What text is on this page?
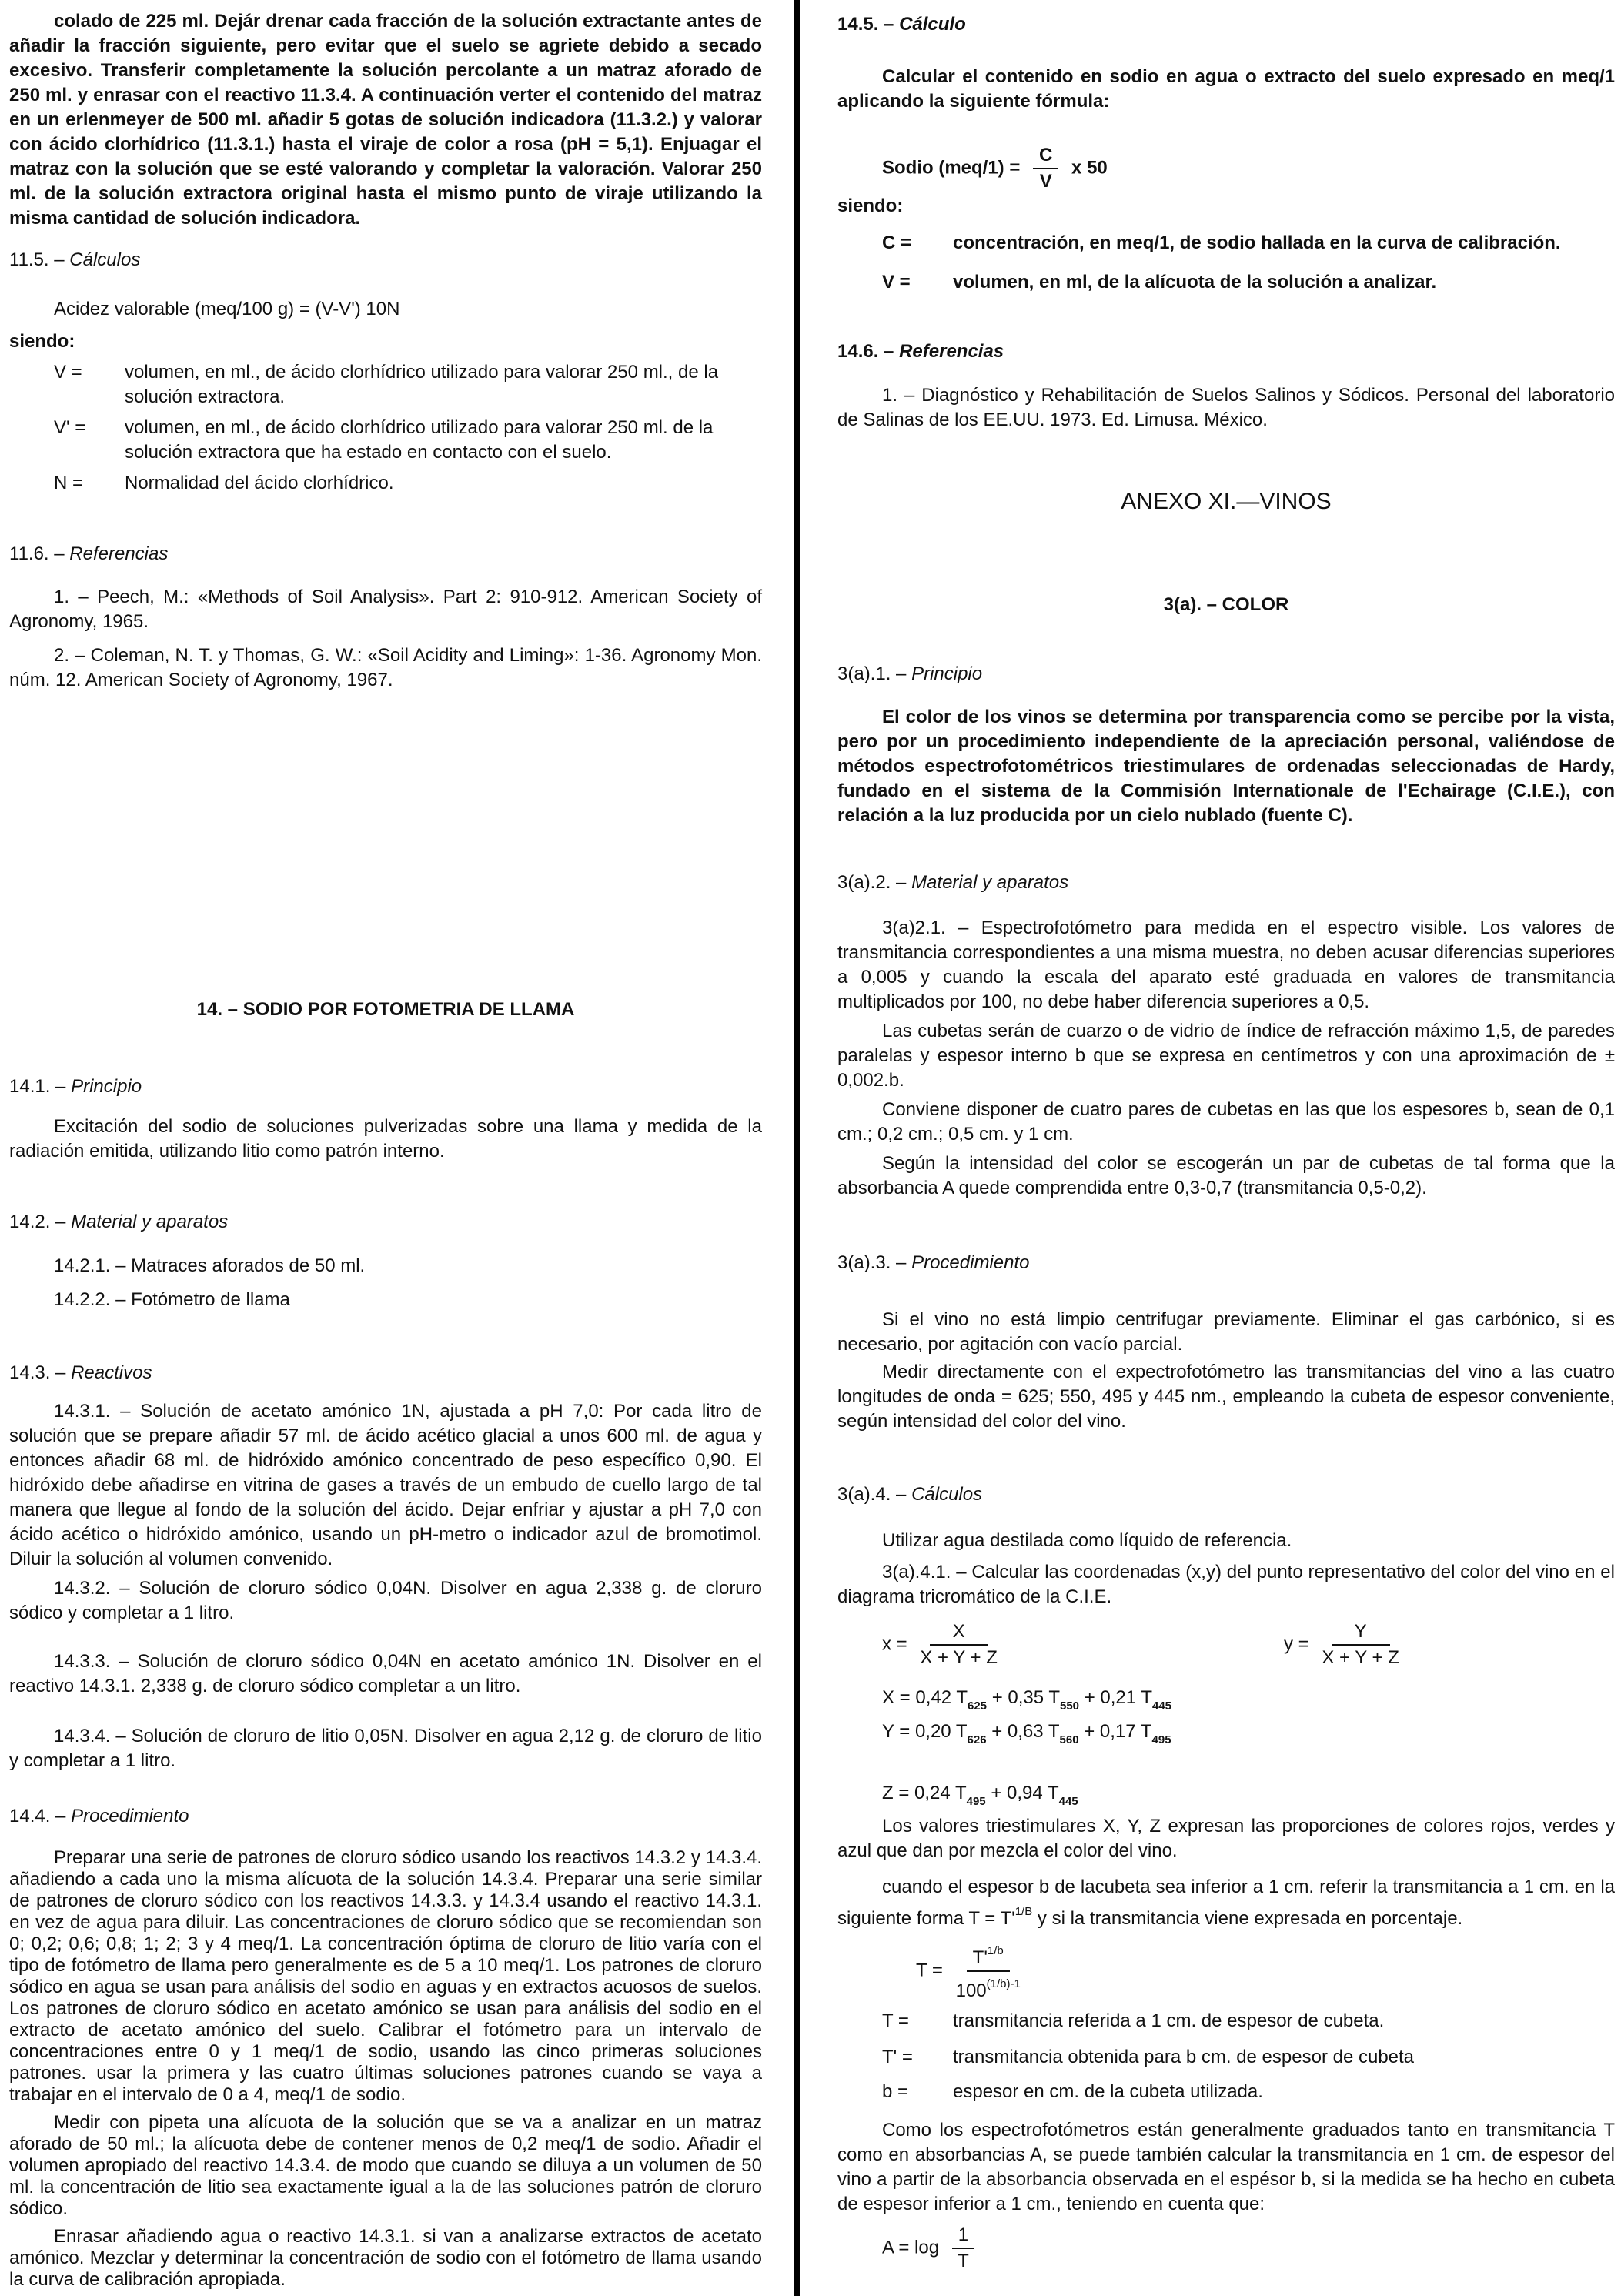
colado de 225 ml. Dejár drenar cada fracción de la solución extractante antes de añadir la fracción siguiente, pero evitar que el suelo se agriete debido a secado excesivo. Transferir completamente la solución percolante a un matraz aforado de 250 ml. y enrasar con el reactivo 11.3.4. A continuación verter el contenido del matraz en un erlenmeyer de 500 ml. añadir 5 gotas de solución indicadora (11.3.2.) y valorar con ácido clorhídrico (11.3.1.) hasta el viraje de color a rosa (pH = 5,1). Enjuagar el matraz con la solución que se esté valorando y completar la valoración. Valorar 250 ml. de la solución extractora original hasta el mismo punto de viraje utilizando la misma cantidad de solución indicadora.
11.5. – Cálculos
Acidez valorable (meq/100 g) = (V-V') 10N
siendo:
V =	volumen, en ml., de ácido clorhídrico utilizado para valorar 250 ml., de la solución extractora.
V' =	volumen, en ml., de ácido clorhídrico utilizado para valorar 250 ml. de la solución extractora que ha estado en contacto con el suelo.
N =	Normalidad del ácido clorhídrico.
11.6. – Referencias
1. – Peech, M.: «Methods of Soil Analysis». Part 2: 910-912. American Society of Agronomy, 1965.
2. – Coleman, N. T. y Thomas, G. W.: «Soil Acidity and Liming»: 1-36. Agronomy Mon. núm. 12. American Society of Agronomy, 1967.
14. – SODIO POR FOTOMETRIA DE LLAMA
14.1. – Principio
Excitación del sodio de soluciones pulverizadas sobre una llama y medida de la radiación emitida, utilizando litio como patrón interno.
14.2. – Material y aparatos
14.2.1. – Matraces aforados de 50 ml.
14.2.2. – Fotómetro de llama
14.3. – Reactivos
14.3.1. – Solución de acetato amónico 1N, ajustada a pH 7,0: Por cada litro de solución que se prepare añadir 57 ml. de ácido acético glacial a unos 600 ml. de agua y entonces añadir 68 ml. de hidróxido amónico concentrado de peso específico 0,90. El hidróxido debe añadirse en vitrina de gases a través de un embudo de cuello largo de tal manera que llegue al fondo de la solución del ácido. Dejar enfriar y ajustar a pH 7,0 con ácido acético o hidróxido amónico, usando un pH-metro o indicador azul de bromotimol. Diluir la solución al volumen convenido.
14.3.2. – Solución de cloruro sódico 0,04N. Disolver en agua 2,338 g. de cloruro sódico y completar a 1 litro.
14.3.3. – Solución de cloruro sódico 0,04N en acetato amónico 1N. Disolver en el reactivo 14.3.1. 2,338 g. de cloruro sódico completar a un litro.
14.3.4. – Solución de cloruro de litio 0,05N. Disolver en agua 2,12 g. de cloruro de litio y completar a 1 litro.
14.4. – Procedimiento
Preparar una serie de patrones de cloruro sódico usando los reactivos 14.3.2 y 14.3.4. añadiendo a cada uno la misma alícuota de la solución 14.3.4. Preparar una serie similar de patrones de cloruro sódico con los reactivos 14.3.3. y 14.3.4 usando el reactivo 14.3.1. en vez de agua para diluir. Las concentraciones de cloruro sódico que se recomiendan son 0; 0,2; 0,6; 0,8; 1; 2; 3 y 4 meq/1. La concentración óptima de cloruro de litio varía con el tipo de fotómetro de llama pero generalmente es de 5 a 10 meq/1. Los patrones de cloruro sódico en agua se usan para análisis del sodio en aguas y en extractos acuosos de suelos. Los patrones de cloruro sódico en acetato amónico se usan para análisis del sodio en el extracto de acetato amónico del suelo. Calibrar el fotómetro para un intervalo de concentraciones entre 0 y 1 meq/1 de sodio, usando las cinco primeras soluciones patrones. usar la primera y las cuatro últimas soluciones patrones cuando se vaya a trabajar en el intervalo de 0 a 4, meq/1 de sodio.
Medir con pipeta una alícuota de la solución que se va a analizar en un matraz aforado de 50 ml.; la alícuota debe de contener menos de 0,2 meq/1 de sodio. Añadir el volumen apropiado del reactivo 14.3.4. de modo que cuando se diluya a un volumen de 50 ml. la concentración de litio sea exactamente igual a la de las soluciones patrón de cloruro sódico.
Enrasar añadiendo agua o reactivo 14.3.1. si van a analizarse extractos de acetato amónico. Mezclar y determinar la concentración de sodio con el fotómetro de llama usando la curva de calibración apropiada.
14.5. – Cálculo
Calcular el contenido en sodio en agua o extracto del suelo expresado en meq/1 aplicando la siguiente fórmula:
Sodio $(meq/1) = \frac{C}{V}$ x 50
siendo:
C =	concentración, en meq/1, de sodio hallada en la curva de calibración.
V =	volumen, en ml, de la alícuota de la solución a analizar.
14.6. – Referencias
1. – Diagnóstico y Rehabilitación de Suelos Salinos y Sódicos. Personal del laboratorio de Salinas de los EE.UU. 1973. Ed. Limusa. México.
ANEXO XI.—VINOS
3(a). – COLOR
3(a).1. – Principio
El color de los vinos se determina por transparencia como se percibe por la vista, pero por un procedimiento independiente de la apreciación personal, valiéndose de métodos espectrofotométricos triestimulares de ordenadas seleccionadas de Hardy, fundado en el sistema de la Commisión Internationale de l'Echairage (C.I.E.), con relación a la luz producida por un cielo nublado (fuente C).
3(a).2. – Material y aparatos
3(a)2.1. – Espectrofotómetro para medida en el espectro visible. Los valores de transmitancia correspondientes a una misma muestra, no deben acusar diferencias superiores a 0,005 y cuando la escala del aparato esté graduada en valores de transmitancia multiplicados por 100, no debe haber diferencia superiores a 0,5.
Las cubetas serán de cuarzo o de vidrio de índice de refracción máximo 1,5, de paredes paralelas y espesor interno b que se expresa en centímetros y con una aproximación de ± 0,002.b.
Conviene disponer de cuatro pares de cubetas en las que los espesores b, sean de 0,1 cm.; 0,2 cm.; 0,5 cm. y 1 cm.
Según la intensidad del color se escogerán un par de cubetas de tal forma que la absorbancia A quede comprendida entre 0,3-0,7 (transmitancia 0,5-0,2).
3(a).3. – Procedimiento
Si el vino no está limpio centrifugar previamente. Eliminar el gas carbónico, si es necesario, por agitación con vacío parcial.
Medir directamente con el expectrofotómetro las transmitancias del vino a las cuatro longitudes de onda = 625; 550, 495 y 445 nm., empleando la cubeta de espesor conveniente, según intensidad del color del vino.
3(a).4. – Cálculos
Utilizar agua destilada como líquido de referencia.
3(a).4.1. – Calcular las coordenadas (x,y) del punto representativo del color del vino en el diagrama tricromático de la C.I.E.
$x = \frac{X}{X + Y + Z}$	$y = \frac{Y}{X + Y + Z}$
X = 0,42 $T_{625} + 0,35$ $T_{550} + 0,21$ $T_{445}$
Y = 0,20 $T_{626} + 0,63$ $T_{560} + 0,17$ $T_{495}$
Z = 0,24 $T_{495} + 0,94$ $T_{445}$
Los valores triestimulares X, Y, Z expresan las proporciones de colores rojos, verdes y azul que dan por mezcla el color del vino.
cuando el espesor b de lacubeta sea inferior a 1 cm. referir la transmitancia a 1 cm. en la siguiente forma $T = T'^{1/B}$ y si la transmitancia viene expresada en porcentaje.
$T = \frac{T'^{1/b}}{100^{(1/b)-1}}$
T =	transmitancia referida a 1 cm. de espesor de cubeta.
T' =	transmitancia obtenida para b cm. de espesor de cubeta
b =	espesor en cm. de la cubeta utilizada.
Como los espectrofotómetros están generalmente graduados tanto en transmitancia T como en absorbancias A, se puede también calcular la transmitancia en 1 cm. de espesor del vino a partir de la absorbancia observada en el espésor b, si la medida se ha hecho en cubeta de espesor inferior a 1 cm., teniendo en cuenta que:
$A = \log \frac{1}{T}$
